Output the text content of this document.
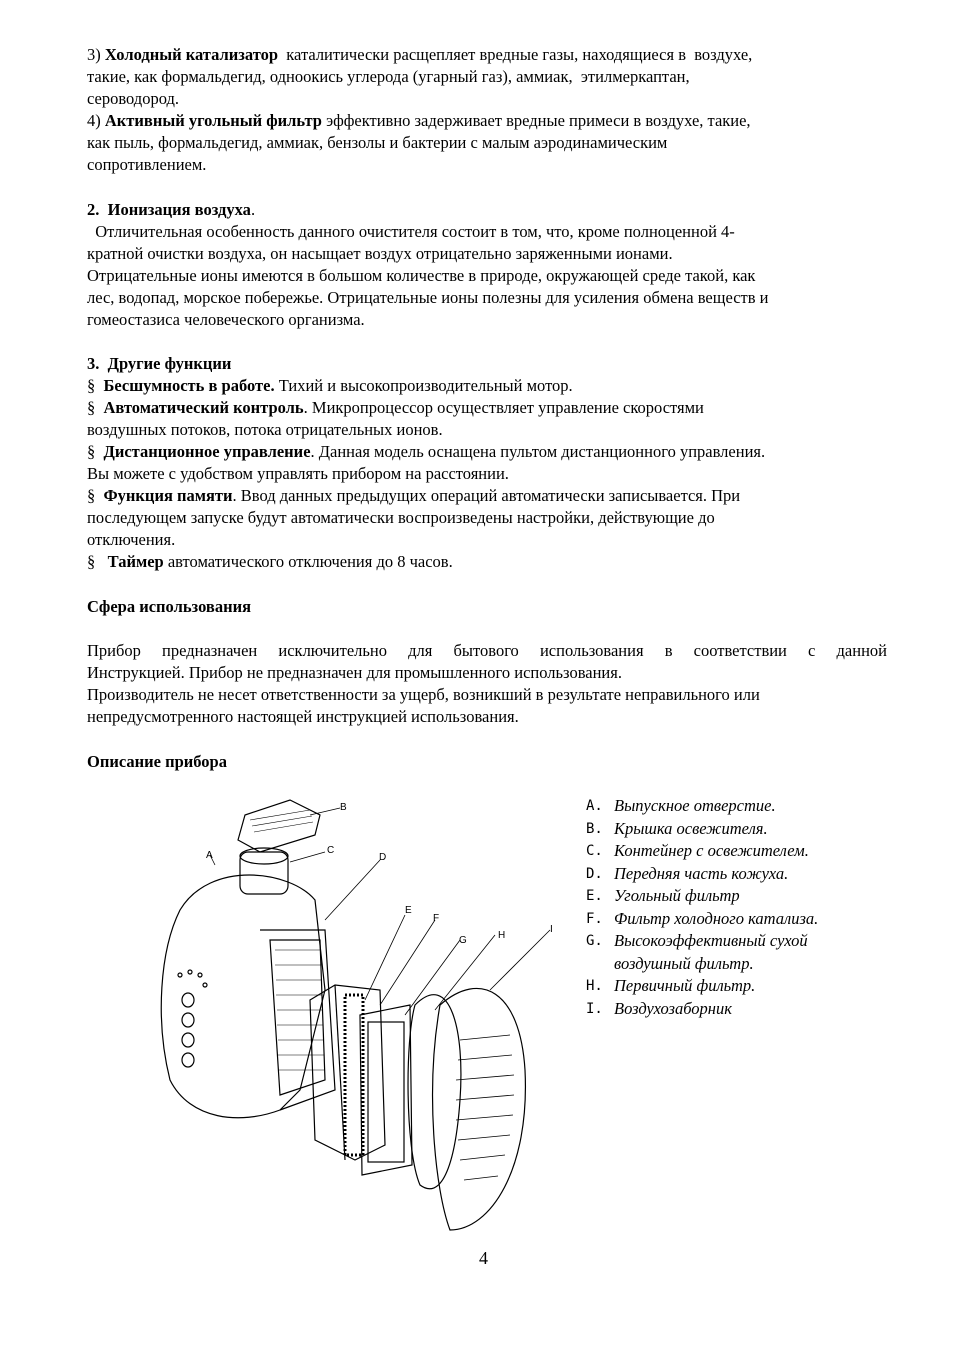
3) Холодный катализатор  каталитически расщепляет вредные газы, находящиеся в  воздухе,
такие, как формальдегид, одноокись углерода (угарный газ), аммиак,  этилмеркаптан,
сероводород.
4) Активный угольный фильтр эффективно задерживает вредные примеси в воздухе, такие,
как пыль, формальдегид, аммиак, бензолы и бактерии с малым аэродинамическим
сопротивлением.
2. Ионизация воздуха.
Отличительная особенность данного очистителя состоит в том, что, кроме полноценной 4-
кратной очистки воздуха, он насыщает воздух отрицательно заряженными ионами.
Отрицательные ионы имеются в большом количестве в природе, окружающей среде такой, как
лес, водопад, морское побережье. Отрицательные ионы полезны для усиления обмена веществ и
гомеостазиса человеческого организма.
3. Другие функции
§ Бесшумность в работе. Тихий и высокопроизводительный мотор.
§ Автоматический контроль. Микропроцессор осуществляет управление скоростями
воздушных потоков, потока отрицательных ионов.
§ Дистанционное управление. Данная модель оснащена пультом дистанционного управления.
Вы можете с удобством управлять прибором на расстоянии.
§ Функция памяти. Ввод данных предыдущих операций автоматически записывается. При
последующем запуске будут автоматически воспроизведены настройки, действующие до
отключения.
§ Таймер автоматического отключения до 8 часов.
Сфера использования

Прибор предназначен исключительно для бытового использования в соответствии с данной
Инструкцией. Прибор не предназначен для промышленного использования.
Производитель не несет ответственности за ущерб, возникший в результате неправильного или
непредусмотренного настоящей инструкцией использования.
Описание прибора
A
B
C
D
E
F
G	H
I
A. Выпускное отверстие.
B. Крышка освежителя.
C. Контейнер с освежителем.
D. Передняя часть кожуха.
E. Угольный фильтр
F. Фильтр холодного катализа.
G. Высокоэффективный сухой
воздушный фильтр.
H. Первичный фильтр.
I. Воздухозаборник
4
